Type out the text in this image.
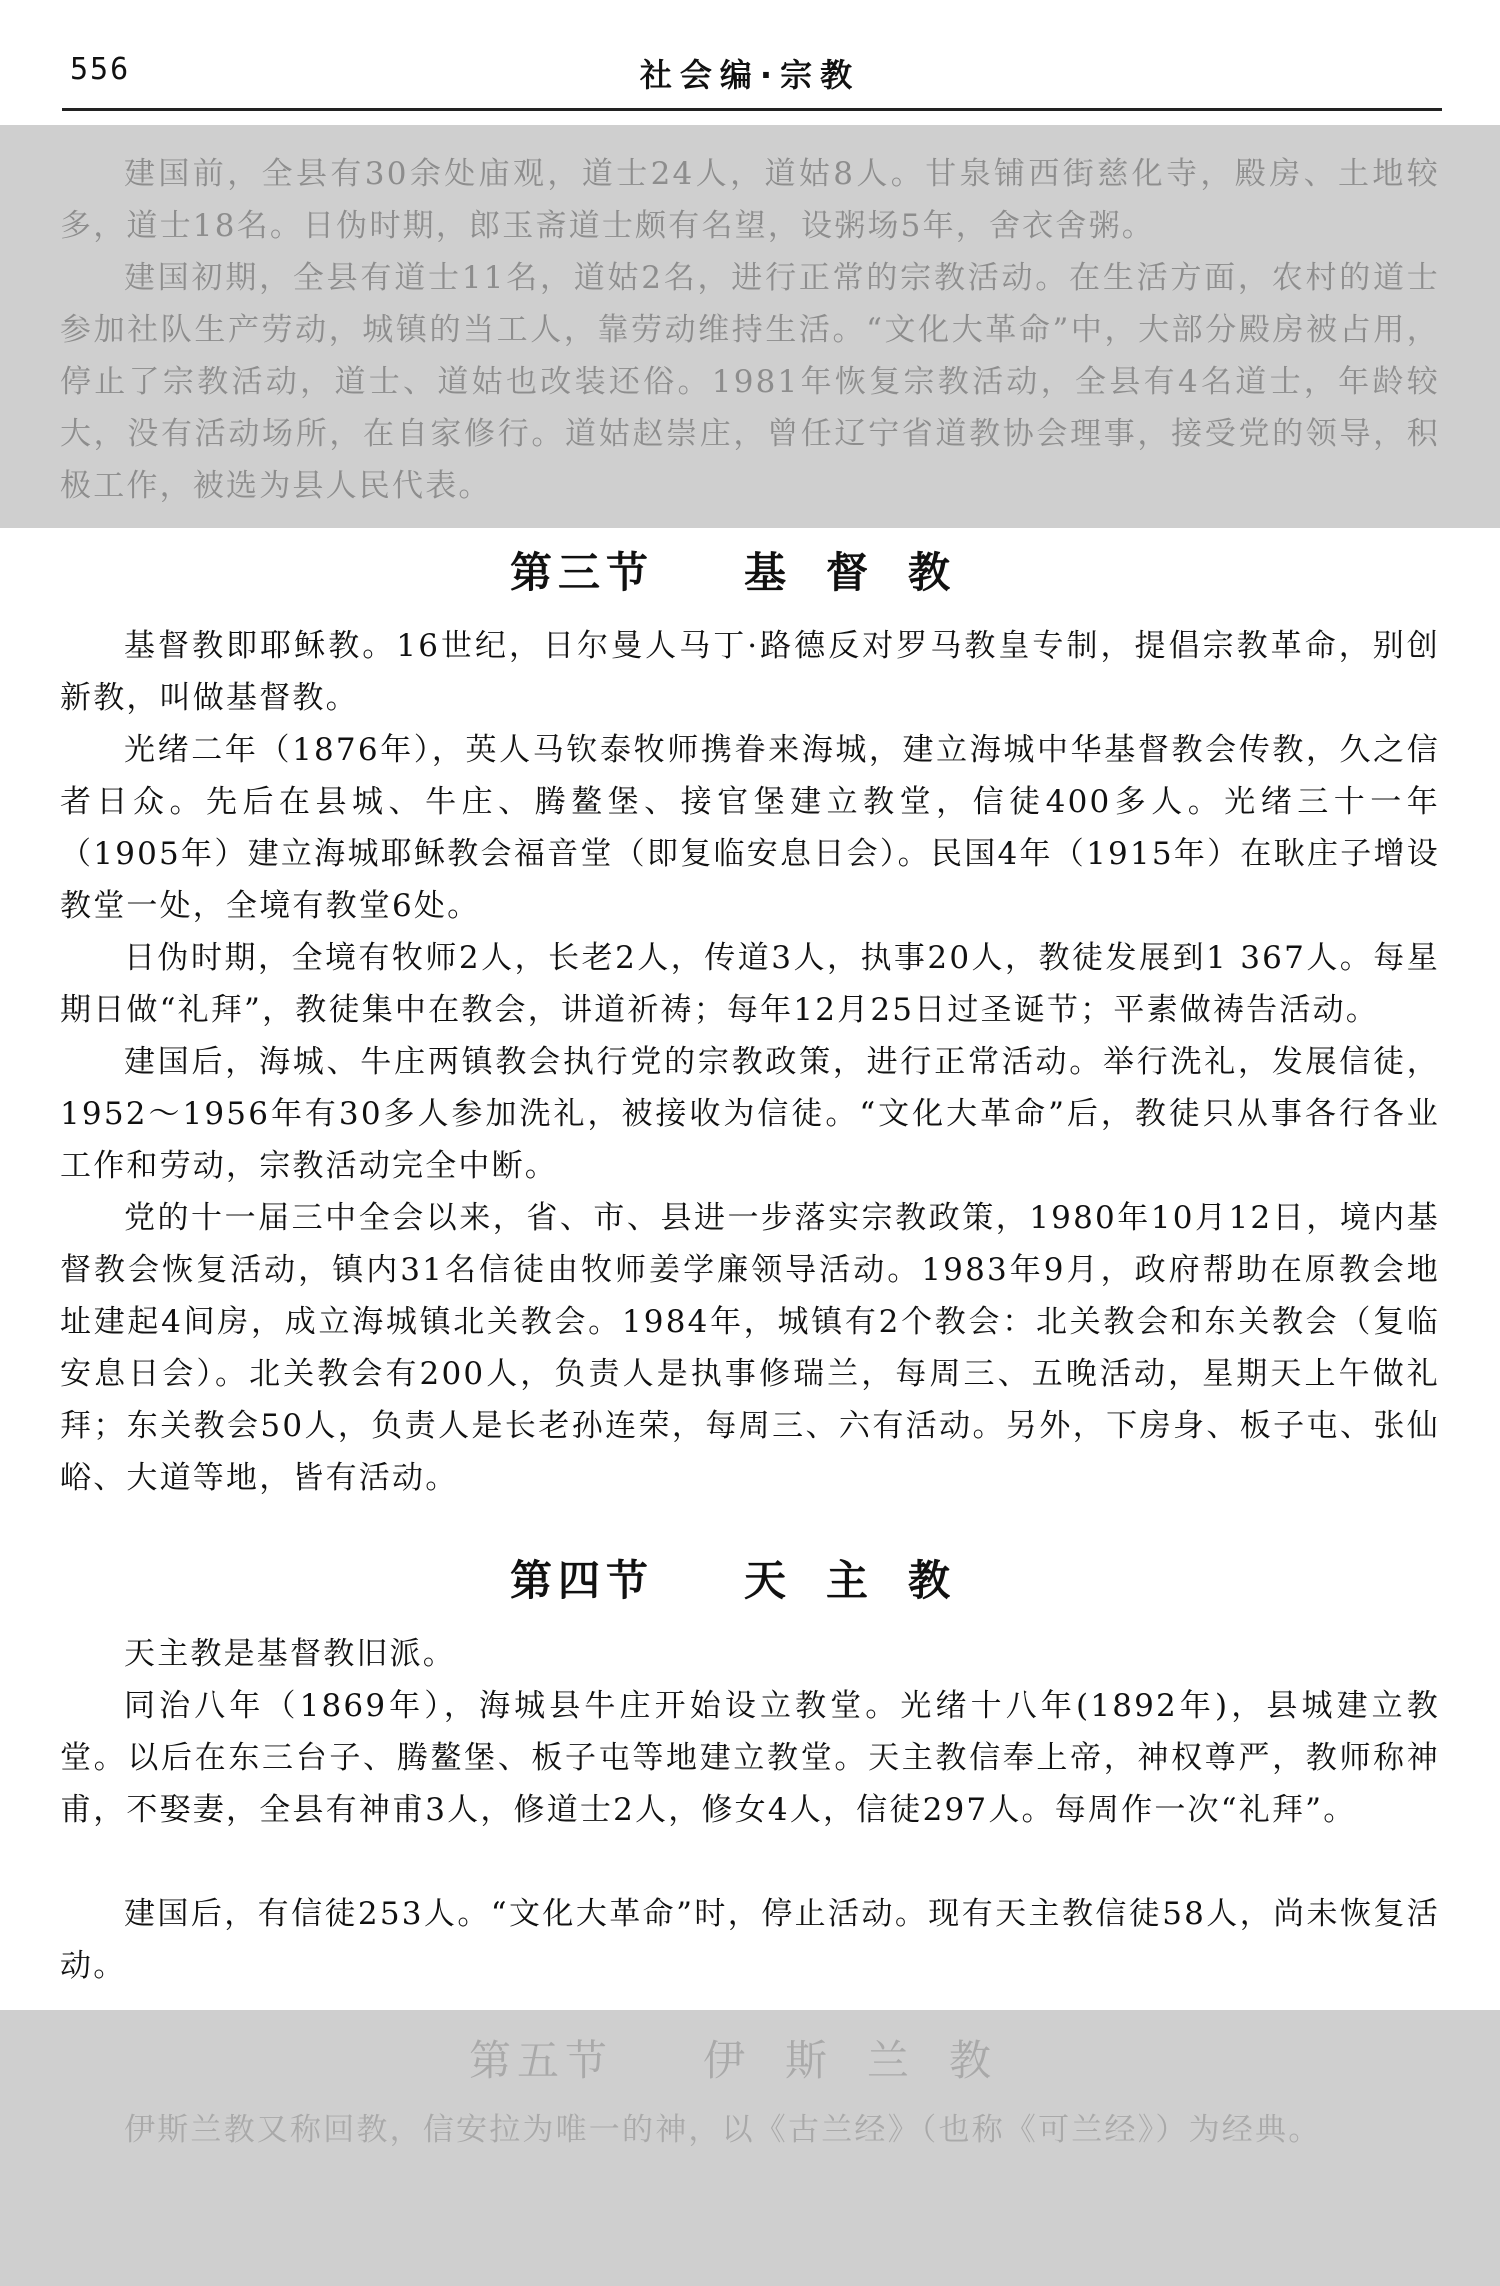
556	社会编·宗教

建国前，全县有30余处庙观，道士24人，道姑8人。甘泉铺西街慈化寺，殿房、土地较多，道士18名。日伪时期，郎玉斋道士颇有名望，设粥场5年，舍衣舍粥。

建国初期，全县有道士11名，道姑2名，进行正常的宗教活动。在生活方面，农村的道士参加社队生产劳动，城镇的当工人，靠劳动维持生活。“文化大革命”中，大部分殿房被占用，停止了宗教活动，道士、道姑也改装还俗。1981年恢复宗教活动，全县有4名道士，年龄较大，没有活动场所，在自家修行。道姑赵崇庄，曾任辽宁省道教协会理事，接受党的领导，积极工作，被选为县人民代表。

第三节 基督教

基督教即耶稣教。16世纪，日尔曼人马丁·路德反对罗马教皇专制，提倡宗教革命，别创新教，叫做基督教。

光绪二年（1876年），英人马钦泰牧师携眷来海城，建立海城中华基督教会传教，久之信者日众。先后在县城、牛庄、腾鳌堡、接官堡建立教堂，信徒400多人。光绪三十一年（1905年）建立海城耶稣教会福音堂（即复临安息日会）。民国4年（1915年）在耿庄子增设教堂一处，全境有教堂6处。

日伪时期，全境有牧师2人，长老2人，传道3人，执事20人，教徒发展到1 367人。每星期日做“礼拜”，教徒集中在教会，讲道祈祷；每年12月25日过圣诞节；平素做祷告活动。

建国后，海城、牛庄两镇教会执行党的宗教政策，进行正常活动。举行洗礼，发展信徒，1952～1956年有30多人参加洗礼，被接收为信徒。“文化大革命”后，教徒只从事各行各业工作和劳动，宗教活动完全中断。

党的十一届三中全会以来，省、市、县进一步落实宗教政策，1980年10月12日，境内基督教会恢复活动，镇内31名信徒由牧师姜学廉领导活动。1983年9月，政府帮助在原教会地址建起4间房，成立海城镇北关教会。1984年，城镇有2个教会：北关教会和东关教会（复临安息日会）。北关教会有200人，负责人是执事修瑞兰，每周三、五晚活动，星期天上午做礼拜；东关教会50人，负责人是长老孙连荣，每周三、六有活动。另外，下房身、板子屯、张仙峪、大道等地，皆有活动。

第四节 天主教

天主教是基督教旧派。

同治八年（1869年），海城县牛庄开始设立教堂。光绪十八年(1892年)，县城建立教堂。以后在东三台子、腾鳌堡、板子屯等地建立教堂。天主教信奉上帝，神权尊严，教师称神甫，不娶妻，全县有神甫3人，修道士2人，修女4人，信徒297人。每周作一次“礼拜”。

建国后，有信徒253人。“文化大革命”时，停止活动。现有天主教信徒58人，尚未恢复活动。

第五节 伊斯兰教

伊斯兰教又称回教，信安拉为唯一的神，以《古兰经》（也称《可兰经》）为经典。
